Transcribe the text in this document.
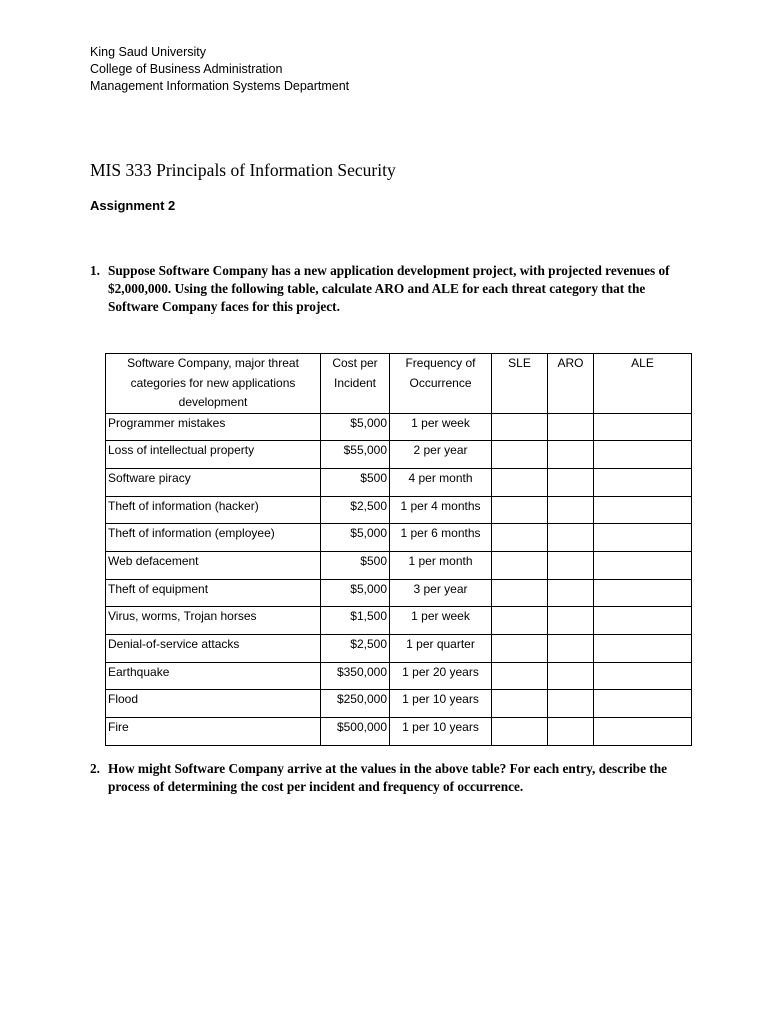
King Saud University
College of Business Administration
Management Information Systems Department
MIS 333 Principals of Information Security
Assignment 2
1. Suppose Software Company has a new application development project, with projected revenues of $2,000,000. Using the following table, calculate ARO and ALE for each threat category that the Software Company faces for this project.
Software Company, major threat categories for new applications development	Cost per Incident	Frequency of Occurrence	SLE	ARO	ALE
Programmer mistakes	$5,000	1 per week			
Loss of intellectual property	$55,000	2 per year			
Software piracy	$500	4 per month			
Theft of information (hacker)	$2,500	1 per 4 months			
Theft of information (employee)	$5,000	1 per 6 months			
Web defacement	$500	1 per month			
Theft of equipment	$5,000	3 per year			
Virus, worms, Trojan horses	$1,500	1 per week			
Denial-of-service attacks	$2,500	1 per quarter			
Earthquake	$350,000	1 per 20 years			
Flood	$250,000	1 per 10 years			
Fire	$500,000	1 per 10 years			
2. How might Software Company arrive at the values in the above table? For each entry, describe the process of determining the cost per incident and frequency of occurrence.
